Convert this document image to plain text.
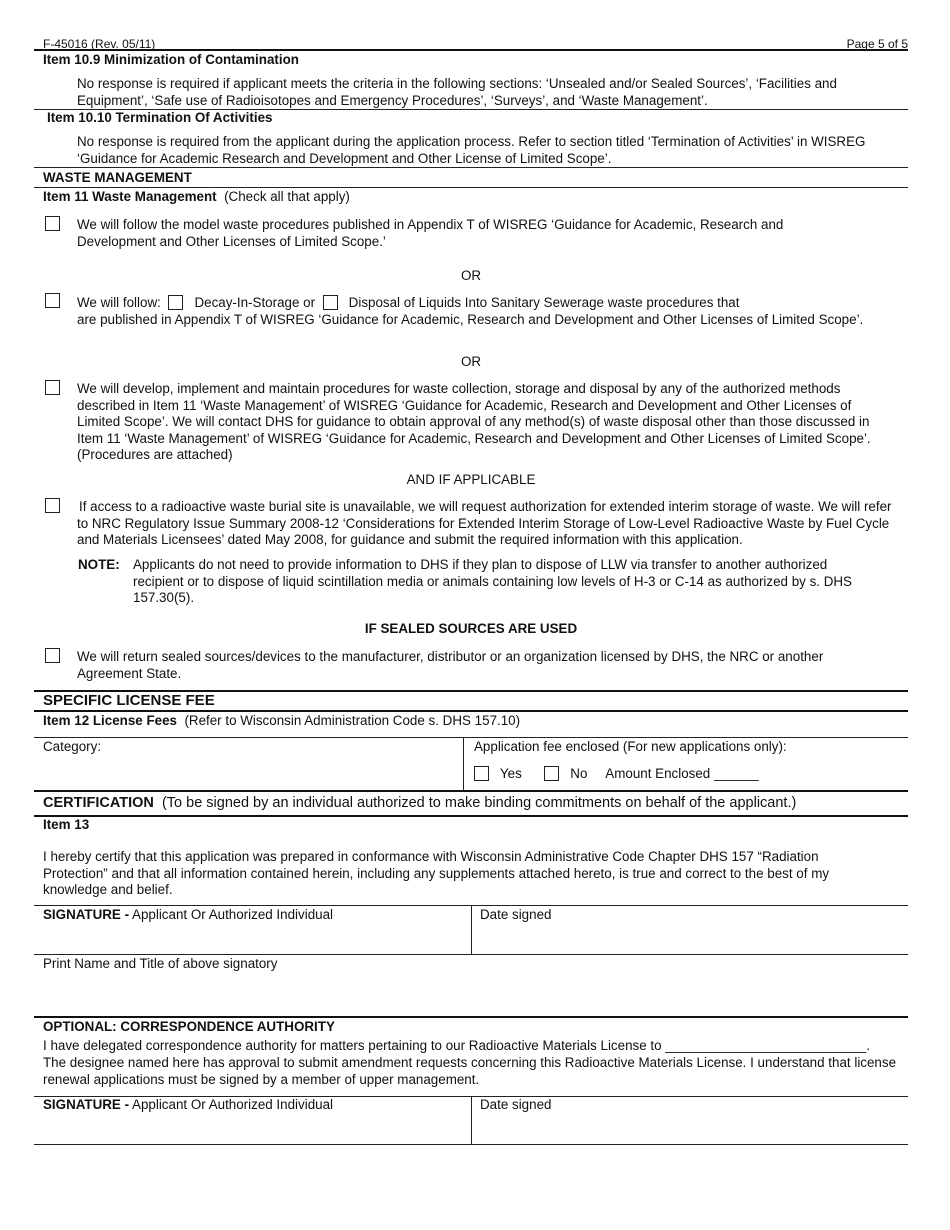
F-45016 (Rev. 05/11)	Page 5 of 5
Item 10.9 Minimization of Contamination
No response is required if applicant meets the criteria in the following sections: ‘Unsealed and/or Sealed Sources’, ‘Facilities and Equipment’, ‘Safe use of Radioisotopes and Emergency Procedures’, ‘Surveys’, and ‘Waste Management’.
Item 10.10 Termination Of Activities
No response is required from the applicant during the application process. Refer to section titled ‘Termination of Activities’ in WISREG ‘Guidance for Academic Research and Development and Other License of Limited Scope’.
WASTE MANAGEMENT
Item 11 Waste Management (Check all that apply)
We will follow the model waste procedures published in Appendix T of WISREG ‘Guidance for Academic, Research and Development and Other Licenses of Limited Scope.’
OR
We will follow:	Decay-In-Storage or	Disposal of Liquids Into Sanitary Sewerage waste procedures that
are published in Appendix T of WISREG ‘Guidance for Academic, Research and Development and Other Licenses of Limited Scope’.
OR
We will develop, implement and maintain procedures for waste collection, storage and disposal by any of the authorized methods described in Item 11 ‘Waste Management’ of WISREG ‘Guidance for Academic, Research and Development and Other Licenses of Limited Scope’. We will contact DHS for guidance to obtain approval of any method(s) of waste disposal other than those discussed in Item 11 ‘Waste Management’ of WISREG ‘Guidance for Academic, Research and Development and Other Licenses of Limited Scope’. (Procedures are attached)
AND IF APPLICABLE
If access to a radioactive waste burial site is unavailable, we will request authorization for extended interim storage of waste. We will refer to NRC Regulatory Issue Summary 2008-12 ‘Considerations for Extended Interim Storage of Low-Level Radioactive Waste by Fuel Cycle and Materials Licensees’ dated May 2008, for guidance and submit the required information with this application.
NOTE: Applicants do not need to provide information to DHS if they plan to dispose of LLW via transfer to another authorized recipient or to dispose of liquid scintillation media or animals containing low levels of H-3 or C-14 as authorized by s. DHS 157.30(5).
IF SEALED SOURCES ARE USED
We will return sealed sources/devices to the manufacturer, distributor or an organization licensed by DHS, the NRC or another Agreement State.
SPECIFIC LICENSE FEE
Item 12 License Fees (Refer to Wisconsin Administration Code s. DHS 157.10)
Category:	Application fee enclosed (For new applications only):
Yes	No Amount Enclosed ______
CERTIFICATION (To be signed by an individual authorized to make binding commitments on behalf of the applicant.)
Item 13
I hereby certify that this application was prepared in conformance with Wisconsin Administrative Code Chapter DHS 157 “Radiation Protection” and that all information contained herein, including any supplements attached hereto, is true and correct to the best of my knowledge and belief.
SIGNATURE - Applicant Or Authorized Individual	Date signed
Print Name and Title of above signatory
OPTIONAL: CORRESPONDENCE AUTHORITY
I have delegated correspondence authority for matters pertaining to our Radioactive Materials License to ___________________________.
The designee named here has approval to submit amendment requests concerning this Radioactive Materials License. I understand that license renewal applications must be signed by a member of upper management.
SIGNATURE - Applicant Or Authorized Individual	Date signed
